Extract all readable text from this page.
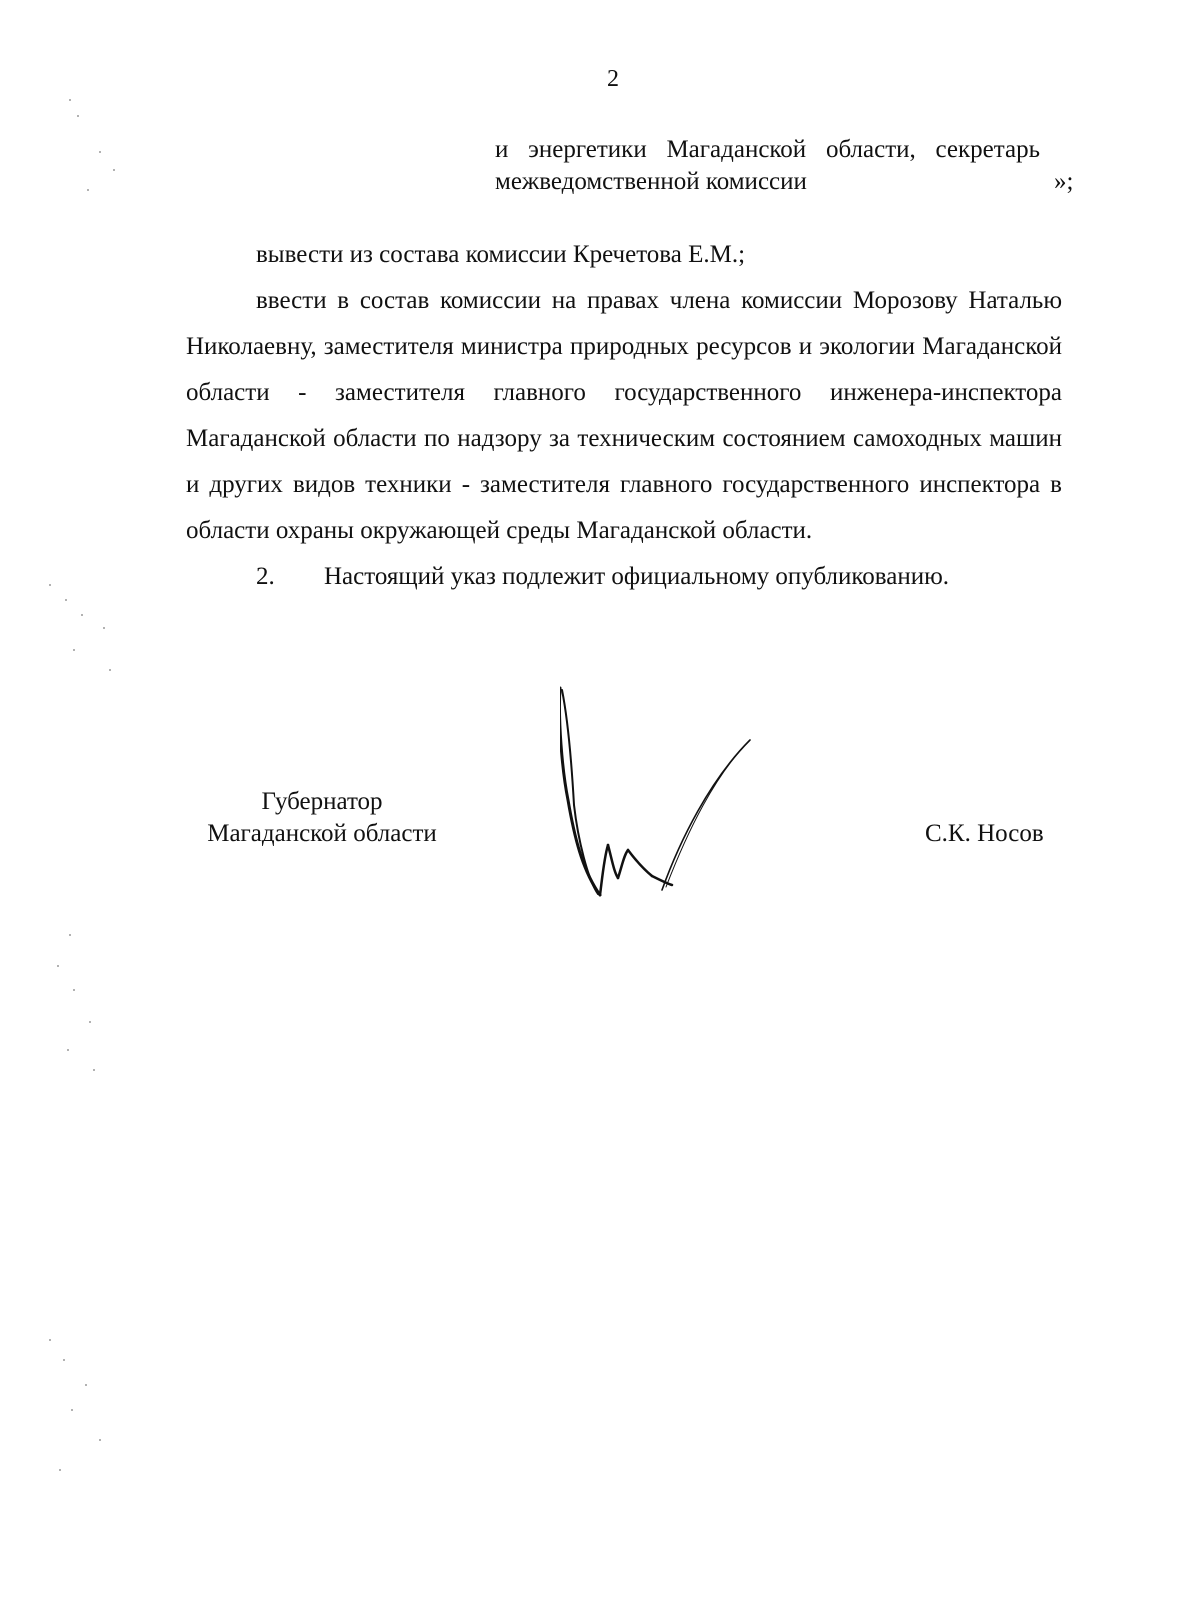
2
и энергетики Магаданской области, секретарь
межведомственной комиссии	»;

вывести из состава комиссии Кречетова Е.М.;

ввести в состав комиссии на правах члена комиссии Морозову Наталью Николаевну, заместителя министра природных ресурсов и экологии Магаданской области - заместителя главного государственного инженера-инспектора Магаданской области по надзору за техническим состоянием самоходных машин и других видов техники - заместителя главного государственного инспектора в области охраны окружающей среды Магаданской области.

2.	Настоящий указ подлежит официальному опубликованию.

Губернатор
Магаданской области	С.К. Носов
